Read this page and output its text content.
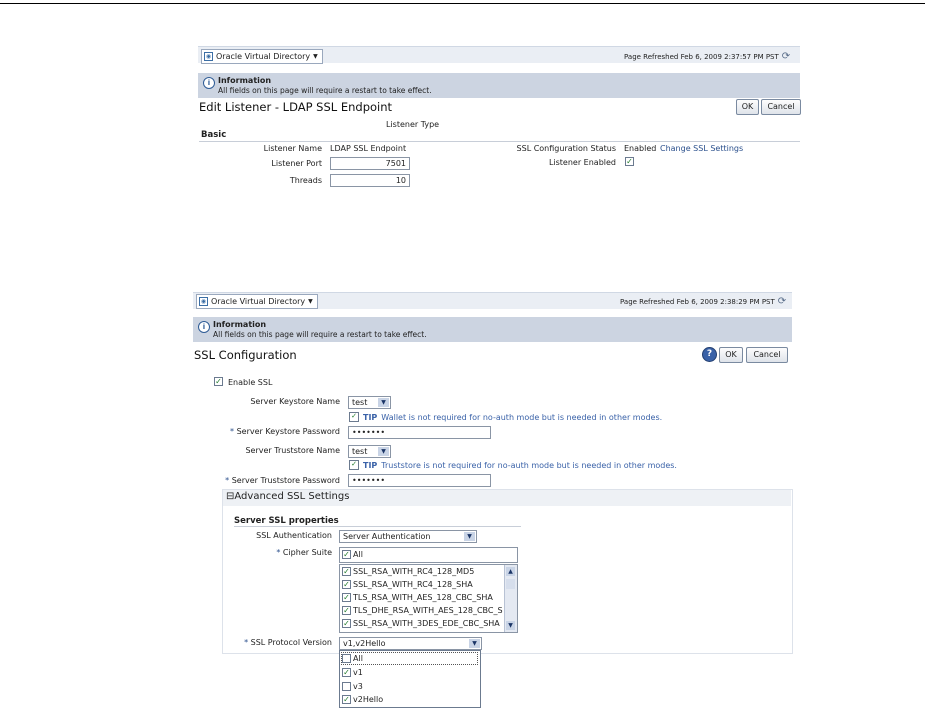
◉ Oracle Virtual Directory ▼	Page Refreshed Feb 6, 2009 2:37:57 PM PST ⟳
i Information
All fields on this page will require a restart to take effect.
Edit Listener - LDAP SSL Endpoint	OK	Cancel
Listener Type
Basic
Listener Name LDAP SSL Endpoint
Listener Port	7501
Threads	10
SSL Configuration Status Enabled Change SSL Settings
Listener Enabled ✓
◉ Oracle Virtual Directory ▼	Page Refreshed Feb 6, 2009 2:38:29 PM PST ⟳
i Information
All fields on this page will require a restart to take effect.
SSL Configuration	?	OK	Cancel
✓ Enable SSL
Server Keystore Name	test	▼
✓ TIP Wallet is not required for no-auth mode but is needed in other modes.
* Server Keystore Password	•••••••
Server Truststore Name	test	▼
✓ TIP Truststore is not required for no-auth mode but is needed in other modes.
* Server Truststore Password	•••••••
⊟Advanced SSL Settings
Server SSL properties
SSL Authentication	Server Authentication	▼
* Cipher Suite ✓ All
✓ SSL_RSA_WITH_RC4_128_MD5
✓ SSL_RSA_WITH_RC4_128_SHA
✓ TLS_RSA_WITH_AES_128_CBC_SHA
✓ TLS_DHE_RSA_WITH_AES_128_CBC_S
✓ SSL_RSA_WITH_3DES_EDE_CBC_SHA
▲
▼
* SSL Protocol Version	v1,v2Hello	▼
All
✓ v1
v3
✓ v2Hello
